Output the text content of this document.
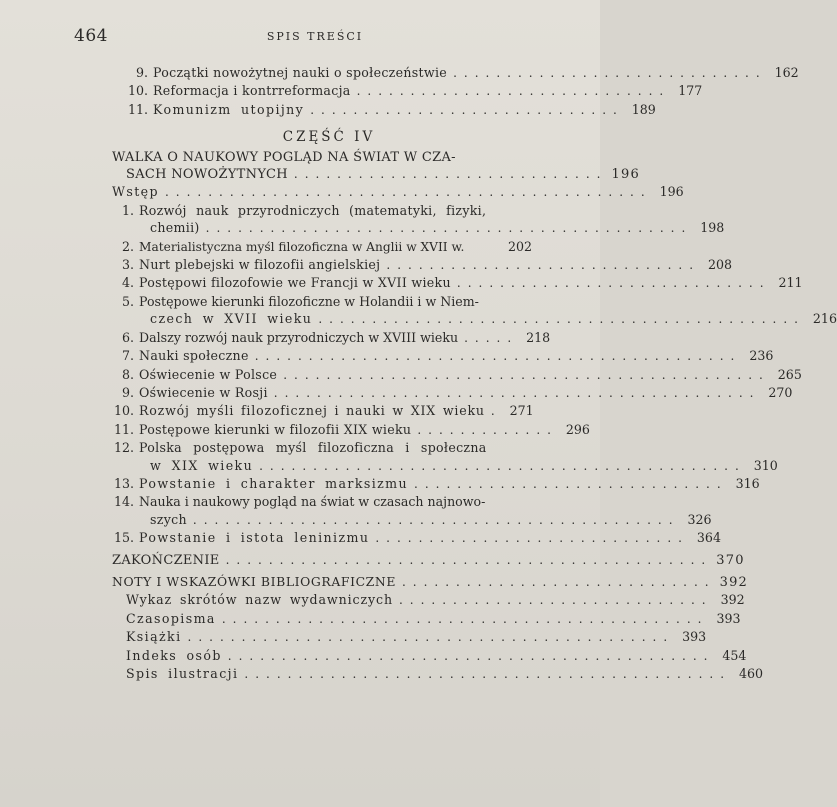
464	SPIS TREŚCI
9. Początki nowożytnej nauki o społeczeństwie ............................. 162
10. Reformacja i kontrreformacja ............................. 177
11. Komunizm utopijny ............................. 189
CZĘŚĆ IV
WALKA O NAUKOWY POGLĄD NA ŚWIAT W CZA-
SACH NOWOŻYTNYCH ............................. 196
Wstęp ............................................. 196
1. Rozwój nauk przyrodniczych (matematyki, fizyki,
chemii) ............................................. 198
2. Materialistyczna myśl filozoficzna w Anglii w XVII w.	202
3. Nurt plebejski w filozofii angielskiej ............................. 208
4. Postępowi filozofowie we Francji w XVII wieku ............................. 211
5. Postępowe kierunki filozoficzne w Holandii i w Niem-
czech w XVII wieku ............................................. 216
6. Dalszy rozwój nauk przyrodniczych w XVIII wieku ..... 218
7. Nauki społeczne ............................................. 236
8. Oświecenie w Polsce ............................................. 265
9. Oświecenie w Rosji ............................................. 270
10. Rozwój myśli filozoficznej i nauki w XIX wieku . 271
11. Postępowe kierunki w filozofii XIX wieku ............. 296
12. Polska postępowa myśl filozoficzna i społeczna
w XIX wieku ............................................. 310
13. Powstanie i charakter marksizmu ............................. 316
14. Nauka i naukowy pogląd na świat w czasach najnowo-
szych ............................................. 326
15. Powstanie i istota leninizmu ............................. 364
ZAKOŃCZENIE ............................................. 370
NOTY I WSKAZÓWKI BIBLIOGRAFICZNE ............................. 392
Wykaz skrótów nazw wydawniczych ............................. 392
Czasopisma ............................................. 393
Książki ............................................. 393
Indeks osób ............................................. 454
Spis ilustracji ............................................. 460
